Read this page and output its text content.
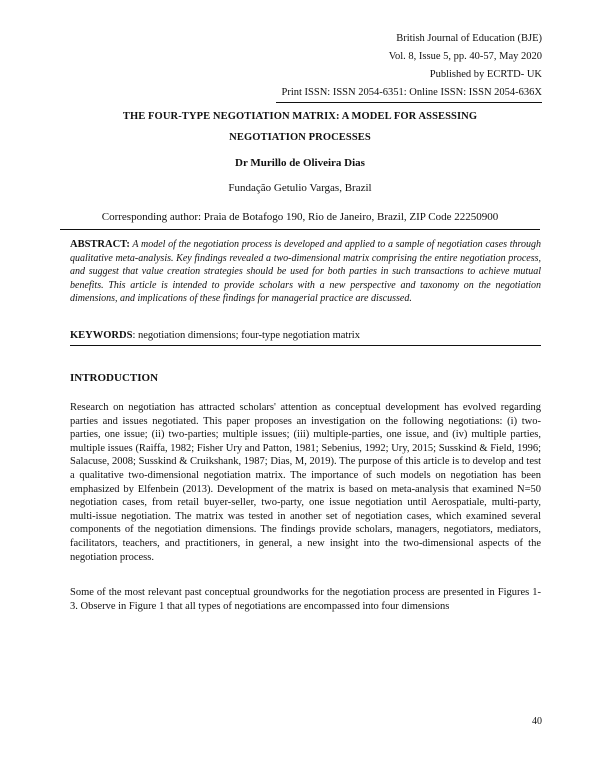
British Journal of Education (BJE)
Vol. 8, Issue 5, pp. 40-57, May 2020
Published by ECRTD- UK
Print ISSN: ISSN 2054-6351: Online ISSN: ISSN 2054-636X
THE FOUR-TYPE NEGOTIATION MATRIX: A MODEL FOR ASSESSING
NEGOTIATION PROCESSES
Dr Murillo de Oliveira Dias
Fundação Getulio Vargas, Brazil
Corresponding author: Praia de Botafogo 190, Rio de Janeiro, Brazil, ZIP Code 22250900
ABSTRACT: A model of the negotiation process is developed and applied to a sample of negotiation cases through qualitative meta-analysis. Key findings revealed a two-dimensional matrix comprising the entire negotiation process, and suggest that value creation strategies should be used for both parties in such transactions to achieve mutual benefits. This article is intended to provide scholars with a new perspective and taxonomy on the negotiation dimensions, and implications of these findings for managerial practice are discussed.
KEYWORDS: negotiation dimensions; four-type negotiation matrix
INTRODUCTION

Research on negotiation has attracted scholars' attention as conceptual development has evolved regarding parties and issues negotiated. This paper proposes an investigation on the following negotiations: (i) two-parties, one issue; (ii) two-parties; multiple issues; (iii) multiple-parties, one issue, and (iv) multiple parties, multiple issues (Raiffa, 1982; Fisher Ury and Patton, 1981; Sebenius, 1992; Ury, 2015; Susskind & Field, 1996; Salacuse, 2008; Susskind & Cruikshank, 1987; Dias, M, 2019). The purpose of this article is to develop and test a qualitative two-dimensional negotiation matrix. The importance of such models on negotiation has been emphasized by Elfenbein (2013). Development of the matrix is based on meta-analysis that examined N=50 negotiation cases, from retail buyer-seller, two-party, one issue negotiation until Aerospatiale, multi-party, multi-issue negotiation. The matrix was tested in another set of negotiation cases, which examined several components of the negotiation dimensions. The findings provide scholars, managers, negotiators, mediators, facilitators, teachers, and practitioners, in general, a new insight into the two-dimensional aspects of the negotiation process.

Some of the most relevant past conceptual groundworks for the negotiation process are presented in Figures 1-3. Observe in Figure 1 that all types of negotiations are encompassed into four dimensions

40
